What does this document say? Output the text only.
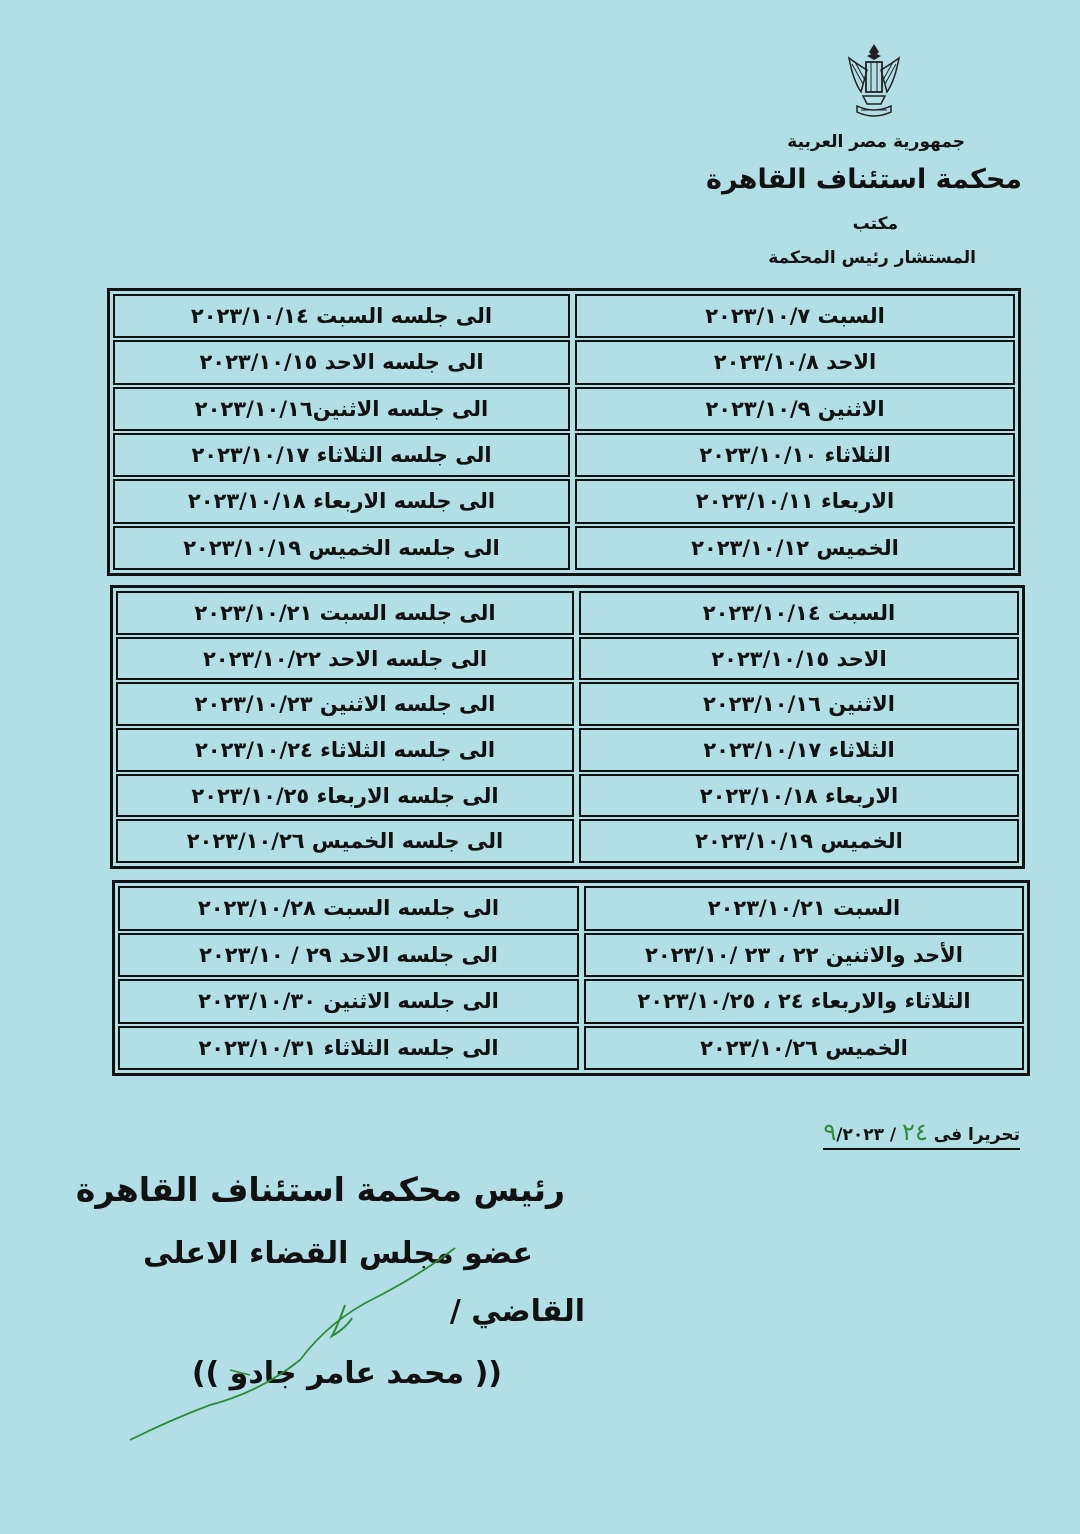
جمهورية مصر العربية
محكمة استئناف القاهرة
مكتب
المستشار رئيس المحكمة
السبت ٢٠٢٣/١٠/٧
الى جلسه السبت ٢٠٢٣/١٠/١٤
الاحد ٢٠٢٣/١٠/٨
الى جلسه الاحد ٢٠٢٣/١٠/١٥
الاثنين ٢٠٢٣/١٠/٩
الى جلسه الاثنين٢٠٢٣/١٠/١٦
الثلاثاء ٢٠٢٣/١٠/١٠
الى جلسه الثلاثاء ٢٠٢٣/١٠/١٧
الاربعاء ٢٠٢٣/١٠/١١
الى جلسه الاربعاء ٢٠٢٣/١٠/١٨
الخميس ٢٠٢٣/١٠/١٢
الى جلسه الخميس ٢٠٢٣/١٠/١٩
السبت ٢٠٢٣/١٠/١٤
الى جلسه السبت ٢٠٢٣/١٠/٢١
الاحد ٢٠٢٣/١٠/١٥
الى جلسه الاحد ٢٠٢٣/١٠/٢٢
الاثنين ٢٠٢٣/١٠/١٦
الى جلسه الاثنين ٢٠٢٣/١٠/٢٣
الثلاثاء ٢٠٢٣/١٠/١٧
الى جلسه الثلاثاء ٢٠٢٣/١٠/٢٤
الاربعاء ٢٠٢٣/١٠/١٨
الى جلسه الاربعاء ٢٠٢٣/١٠/٢٥
الخميس ٢٠٢٣/١٠/١٩
الى جلسه الخميس ٢٠٢٣/١٠/٢٦
السبت ٢٠٢٣/١٠/٢١
الى جلسه السبت ٢٠٢٣/١٠/٢٨
الأحد والاثنين ٢٢ ، ٢٣ /٢٠٢٣/١٠
الى جلسه الاحد ٢٩ / ٢٠٢٣/١٠
الثلاثاء والاربعاء ٢٤ ، ٢٠٢٣/١٠/٢٥
الى جلسه الاثنين ٢٠٢٣/١٠/٣٠
الخميس ٢٠٢٣/١٠/٢٦
الى جلسه الثلاثاء ٢٠٢٣/١٠/٣١
تحريرا فى ٢٤ / ٩/٢٠٢٣
رئيس محكمة استئناف القاهرة
عضو مجلس القضاء الاعلى
القاضي /
(( محمد عامر جادو ))
